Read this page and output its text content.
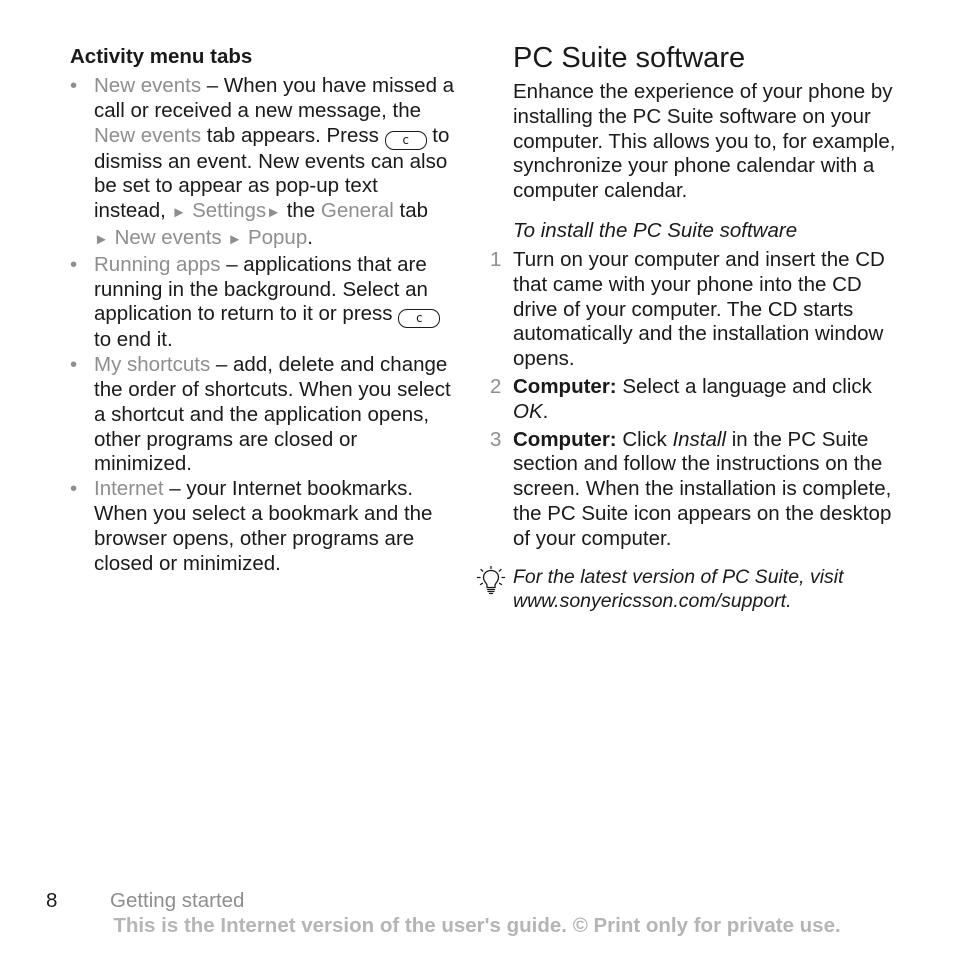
Activity menu tabs
• New events – When you have missed a call or received a new message, the New events tab appears. Press c to dismiss an event. New events can also be set to appear as pop-up text instead, ► Settings► the General tab ► New events ► Popup.
• Running apps – applications that are running in the background. Select an application to return to it or press c to end it.
• My shortcuts – add, delete and change the order of shortcuts. When you select a shortcut and the application opens, other programs are closed or minimized.
• Internet – your Internet bookmarks. When you select a bookmark and the browser opens, other programs are closed or minimized.
PC Suite software
Enhance the experience of your phone by installing the PC Suite software on your computer. This allows you to, for example, synchronize your phone calendar with a computer calendar.
To install the PC Suite software
1 Turn on your computer and insert the CD that came with your phone into the CD drive of your computer. The CD starts automatically and the installation window opens.
2 Computer: Select a language and click OK.
3 Computer: Click Install in the PC Suite section and follow the instructions on the screen. When the installation is complete, the PC Suite icon appears on the desktop of your computer.
For the latest version of PC Suite, visit www.sonyericsson.com/support.
8	Getting started
This is the Internet version of the user's guide. © Print only for private use.
